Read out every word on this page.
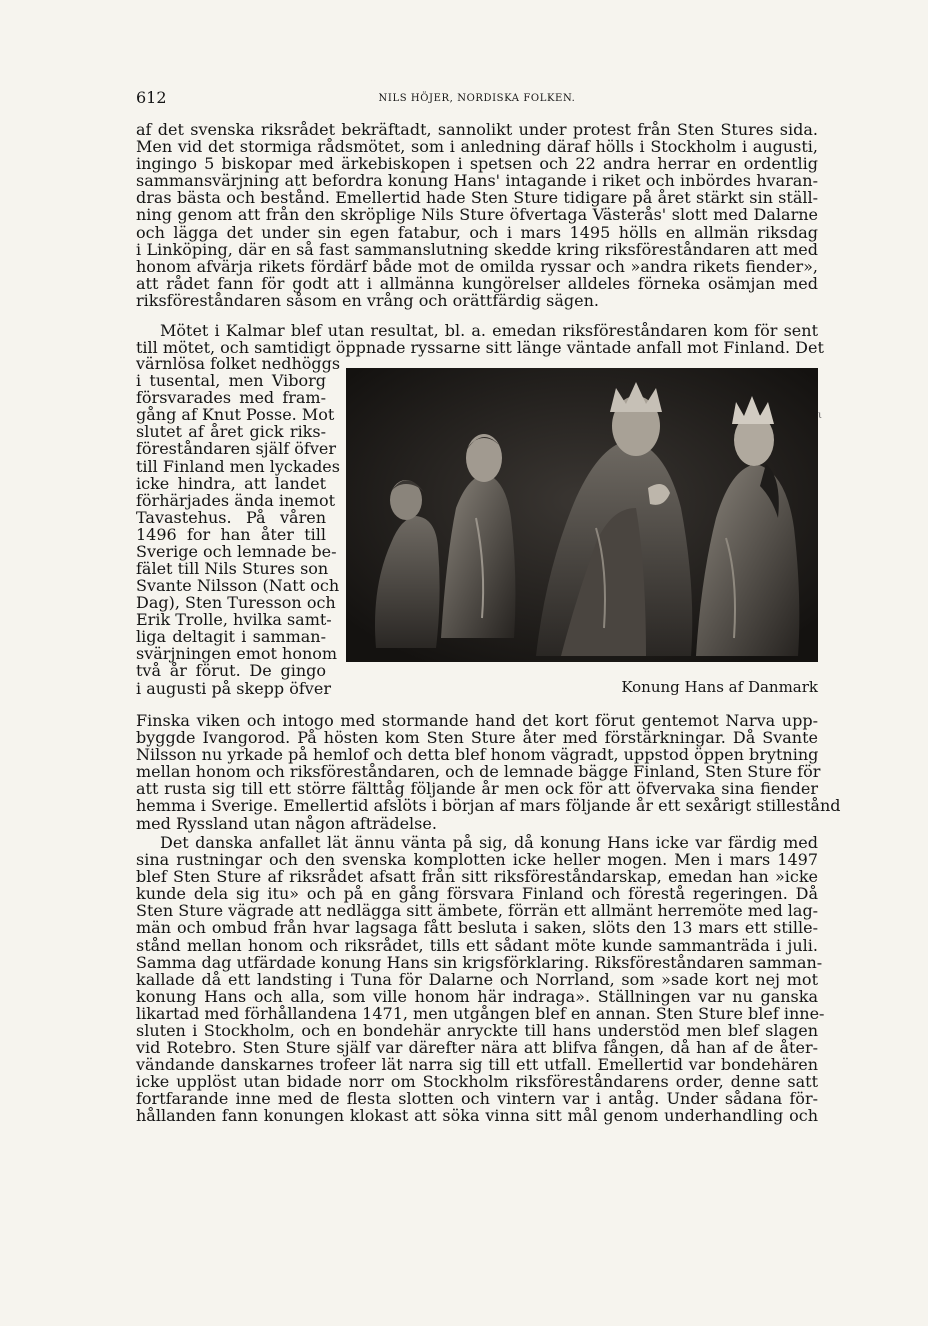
612	NILS HÖJER, NORDISKA FOLKEN.

af det svenska riksrådet bekräftadt, sannolikt under protest från Sten Stures sida.

Men vid det stormiga rådsmötet, som i anledning däraf hölls i Stockholm i augusti,

ingingo 5 biskopar med ärkebiskopen i spetsen och 22 andra herrar en ordentlig

sammansvärjning att befordra konung Hans' intagande i riket och inbördes hvaran-

dras bästa och bestånd. Emellertid hade Sten Sture tidigare på året stärkt sin ställ-

ning genom att från den skröplige Nils Sture öfvertaga Västerås' slott med Dalarne

och lägga det under sin egen fatabur, och i mars 1495 hölls en allmän riksdag

i Linköping, där en så fast sammanslutning skedde kring riksföreståndaren att med

honom afvärja rikets fördärf både mot de omilda ryssar och »andra rikets fiender»,

att rådet fann för godt att i allmänna kungörelser alldeles förneka osämjan med

riksföreståndaren såsom en vrång och orättfärdig sägen.

Mötet i Kalmar blef utan resultat, bl. a. emedan riksföreståndaren kom för sent

till mötet, och samtidigt öppnade ryssarne sitt länge väntade anfall mot Finland. Det

värnlösa folket nedhöggs

i tusental, men Viborg

försvarades med fram-

gång af Knut Posse. Mot

slutet af året gick riks-

föreståndaren själf öfver

till Finland men lyckades

icke hindra, att landet

förhärjades ända inemot

Tavastehus. På våren

1496 for han åter till

Sverige och lemnade be-

fälet till Nils Stures son

Svante Nilsson (Natt och

Dag), Sten Turesson och

Erik Trolle, hvilka samt-

liga deltagit i samman-

svärjningen emot honom

två år förut. De gingo

i augusti på skepp öfver

Finska viken och intogo med stormande hand det kort förut gentemot Narva upp-

byggde Ivangorod. På hösten kom Sten Sture åter med förstärkningar. Då Svante

Nilsson nu yrkade på hemlof och detta blef honom vägradt, uppstod öppen brytning

mellan honom och riksföreståndaren, och de lemnade bägge Finland, Sten Sture för

att rusta sig till ett större fälttåg följande år men ock för att öfvervaka sina fiender

hemma i Sverige. Emellertid afslöts i början af mars följande år ett sexårigt stillestånd

med Ryssland utan någon afträdelse.

Det danska anfallet lät ännu vänta på sig, då konung Hans icke var färdig med

sina rustningar och den svenska komplotten icke heller mogen. Men i mars 1497

blef Sten Sture af riksrådet afsatt från sitt riksföreståndarskap, emedan han »icke

kunde dela sig itu» och på en gång försvara Finland och förestå regeringen. Då

Sten Sture vägrade att nedlägga sitt ämbete, förrän ett allmänt herremöte med lag-

män och ombud från hvar lagsaga fått besluta i saken, slöts den 13 mars ett stille-

stånd mellan honom och riksrådet, tills ett sådant möte kunde sammanträda i juli.

Samma dag utfärdade konung Hans sin krigsförklaring. Riksföreståndaren samman-

kallade då ett landsting i Tuna för Dalarne och Norrland, som »sade kort nej mot

konung Hans och alla, som ville honom här indraga». Ställningen var nu ganska

likartad med förhållandena 1471, men utgången blef en annan. Sten Sture blef inne-

sluten i Stockholm, och en bondehär anryckte till hans understöd men blef slagen

vid Rotebro. Sten Sture själf var därefter nära att blifva fången, då han af de åter-

vändande danskarnes trofeer lät narra sig till ett utfall. Emellertid var bondehären

icke upplöst utan bidade norr om Stockholm riksföreståndarens order, denne satt

fortfarande inne med de flesta slotten och vintern var i antåg. Under sådana för-

hållanden fann konungen klokast att söka vinna sitt mål genom underhandling och

ι
Konung Hans af Danmark
